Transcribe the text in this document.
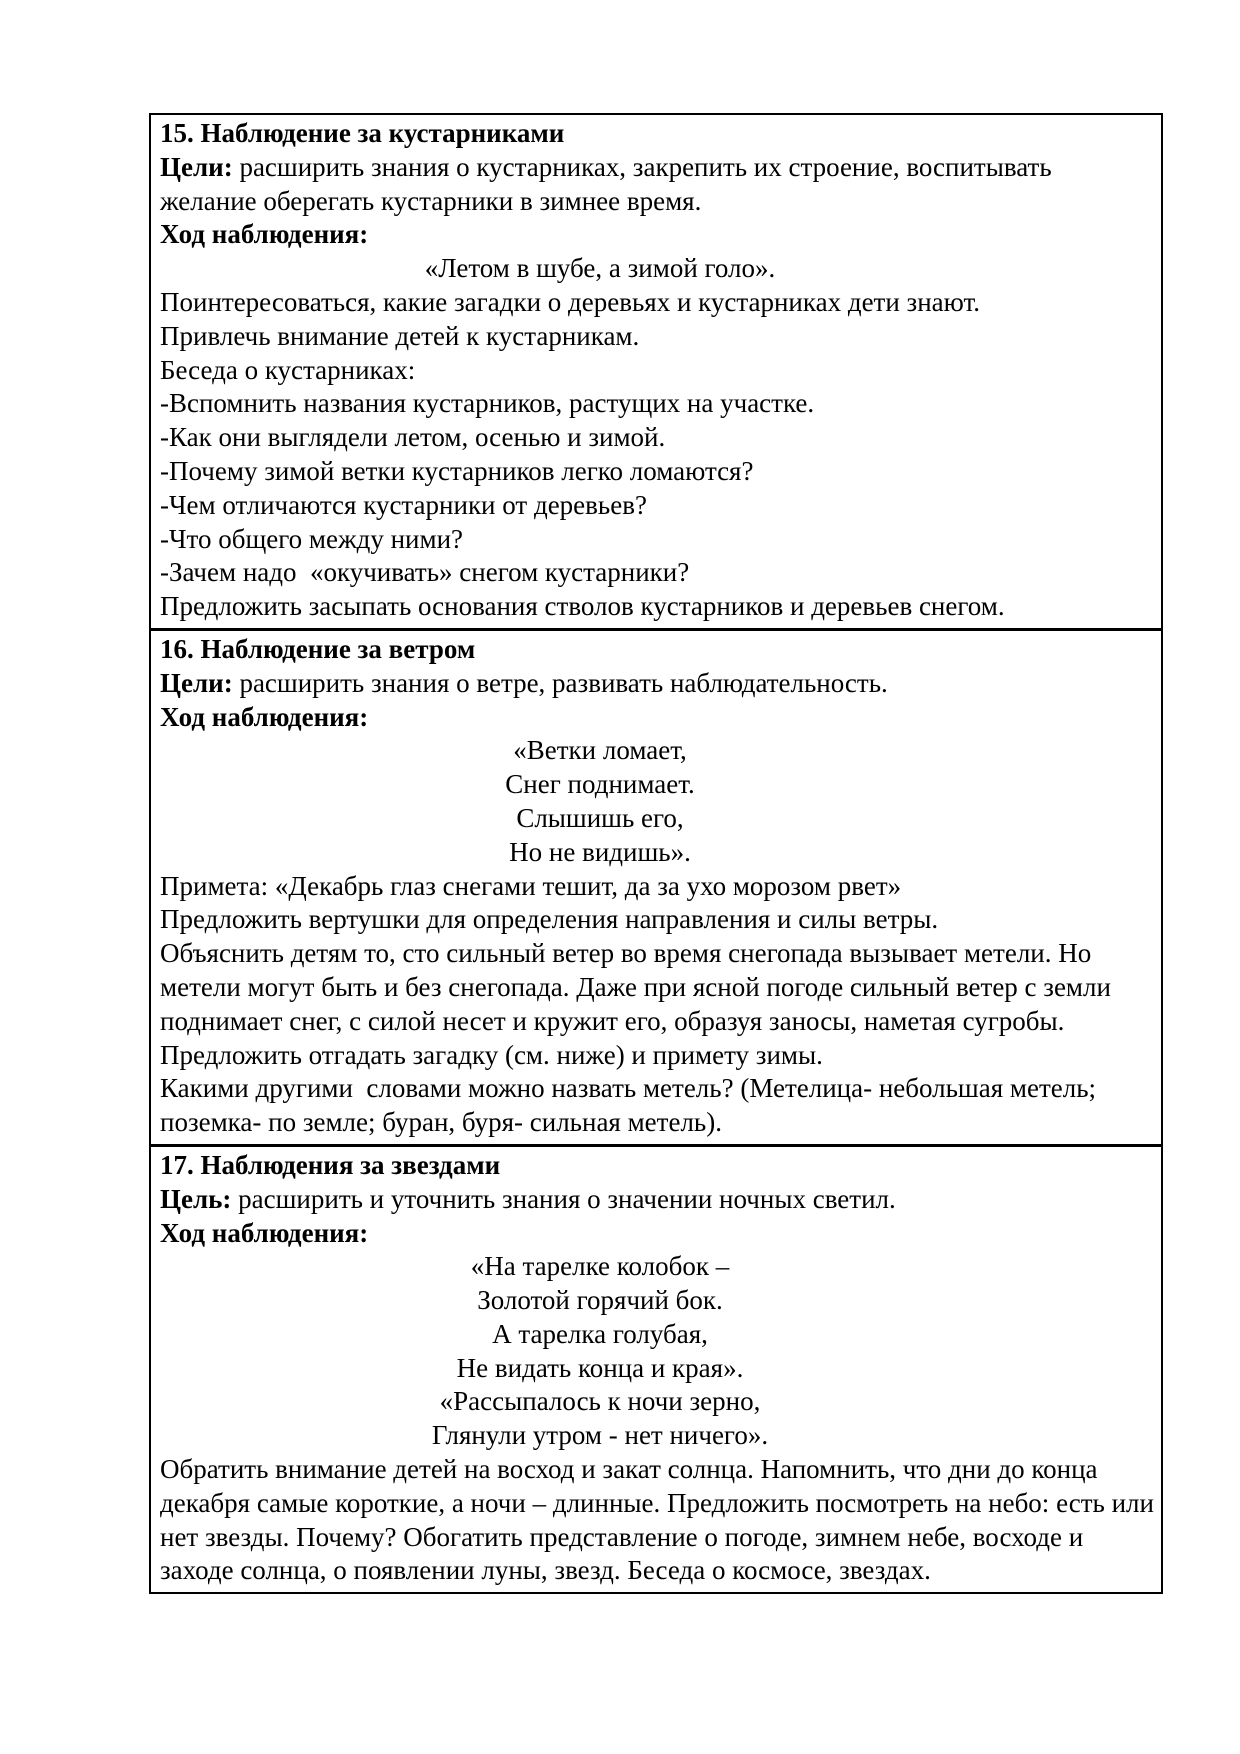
15. Наблюдение за кустарниками

Цели: расширить знания о кустарниках, закрепить их строение, воспитывать желание оберегать кустарники в зимнее время.

Ход наблюдения:

«Летом в шубе, а зимой голо».

Поинтересоваться, какие загадки о деревьях и кустарниках дети знают.

Привлечь внимание детей к кустарникам.

Беседа о кустарниках:

-Вспомнить названия кустарников, растущих на участке.

-Как они выглядели летом, осенью и зимой.

-Почему зимой ветки кустарников легко ломаются?

-Чем отличаются кустарники от деревьев?

-Что общего между ними?

-Зачем надо  «окучивать» снегом кустарники?

Предложить засыпать основания стволов кустарников и деревьев снегом.

16. Наблюдение за ветром

Цели: расширить знания о ветре, развивать наблюдательность.

Ход наблюдения:

«Ветки ломает,

Снег поднимает.

Слышишь его,

Но не видишь».

Примета: «Декабрь глаз снегами тешит, да за ухо морозом рвет»

Предложить вертушки для определения направления и силы ветры.

Объяснить детям то, сто сильный ветер во время снегопада вызывает метели. Но метели могут быть и без снегопада. Даже при ясной погоде сильный ветер с земли поднимает снег, с силой несет и кружит его, образуя заносы, наметая сугробы.

Предложить отгадать загадку (см. ниже) и примету зимы.

Какими другими  словами можно назвать метель? (Метелица- небольшая метель; поземка- по земле; буран, буря- сильная метель).

17. Наблюдения за звездами

Цель: расширить и уточнить знания о значении ночных светил.

Ход наблюдения:

«На тарелке колобок –

Золотой горячий бок.

А тарелка голубая,

Не видать конца и края».

«Рассыпалось к ночи зерно,

Глянули утром - нет ничего».

Обратить внимание детей на восход и закат солнца. Напомнить, что дни до конца декабря самые короткие, а ночи – длинные. Предложить посмотреть на небо: есть или нет звезды. Почему? Обогатить представление о погоде, зимнем небе, восходе и заходе солнца, о появлении луны, звезд. Беседа о космосе, звездах.
